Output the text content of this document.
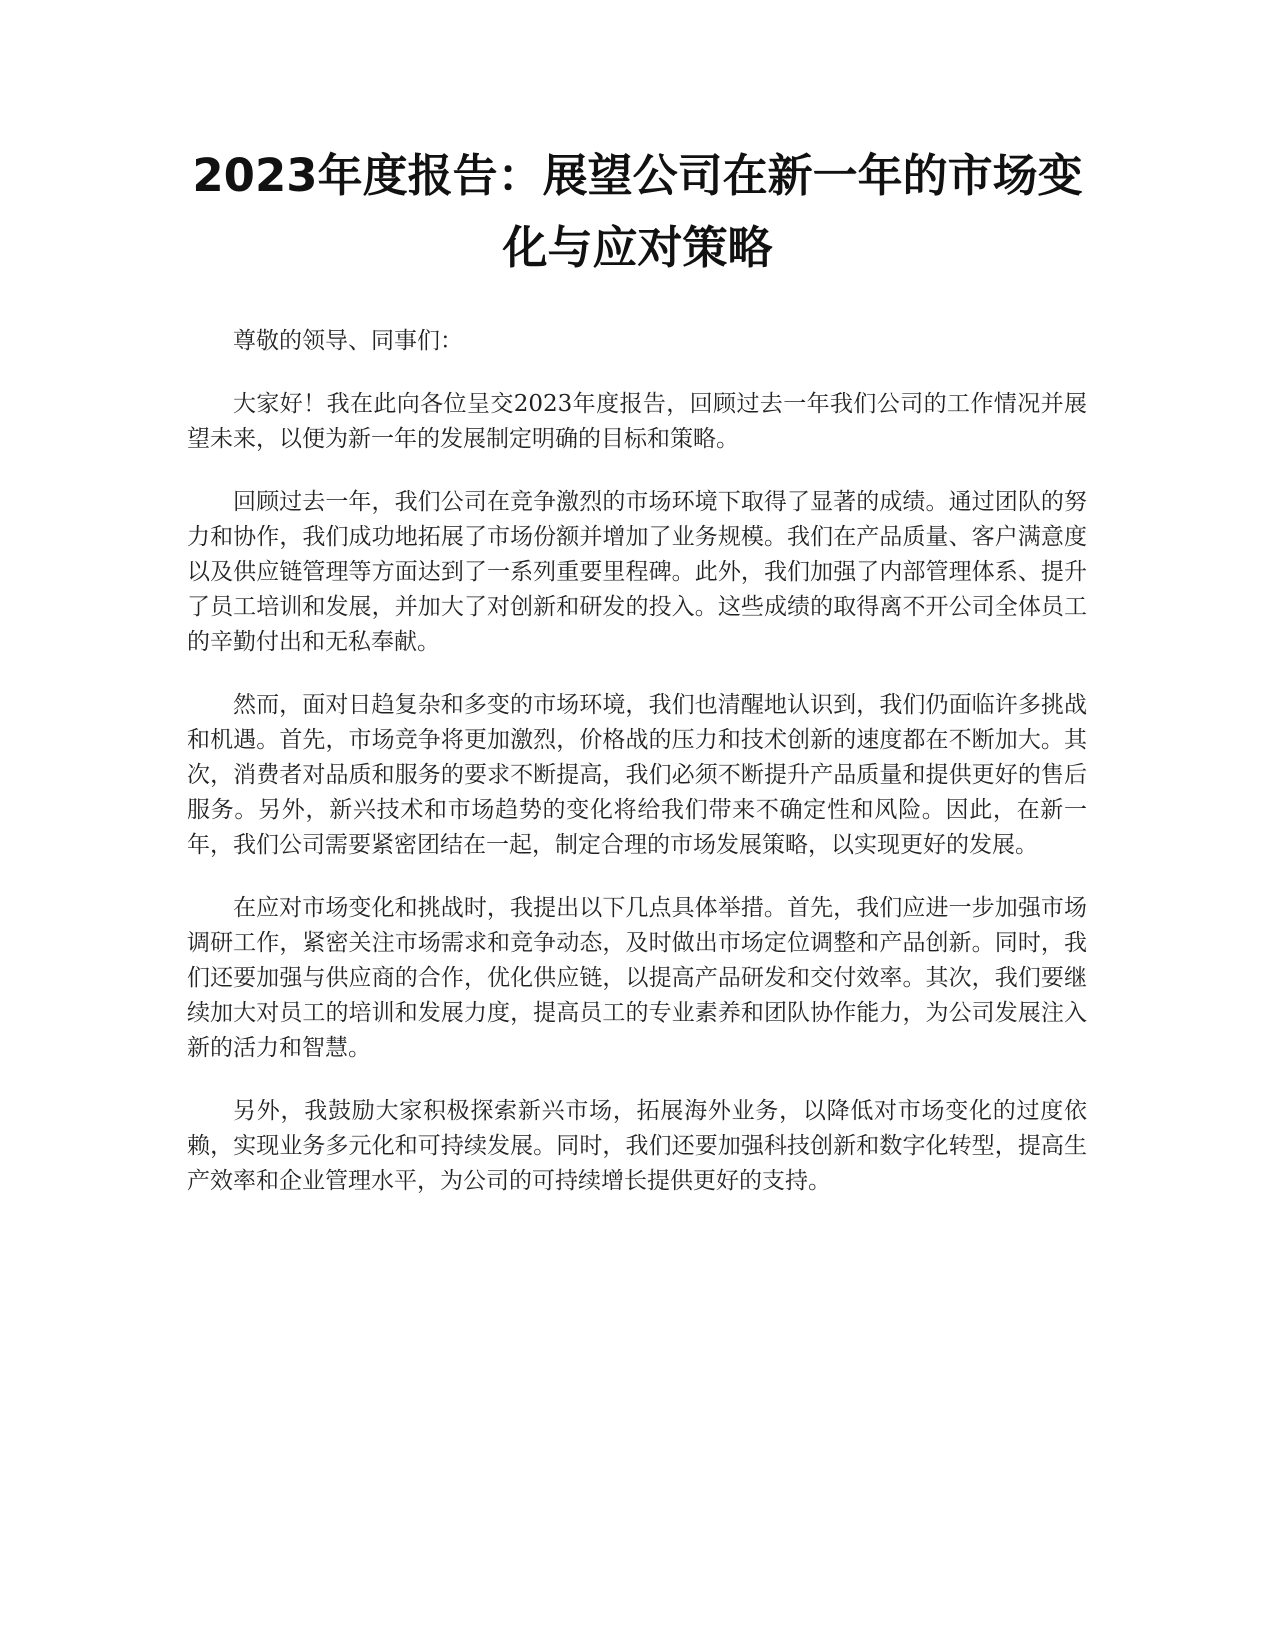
2023年度报告：展望公司在新一年的市场变化与应对策略

尊敬的领导、同事们：

大家好！我在此向各位呈交2023年度报告，回顾过去一年我们公司的工作情况并展望未来，以便为新一年的发展制定明确的目标和策略。

回顾过去一年，我们公司在竞争激烈的市场环境下取得了显著的成绩。通过团队的努力和协作，我们成功地拓展了市场份额并增加了业务规模。我们在产品质量、客户满意度以及供应链管理等方面达到了一系列重要里程碑。此外，我们加强了内部管理体系、提升了员工培训和发展，并加大了对创新和研发的投入。这些成绩的取得离不开公司全体员工的辛勤付出和无私奉献。

然而，面对日趋复杂和多变的市场环境，我们也清醒地认识到，我们仍面临许多挑战和机遇。首先，市场竞争将更加激烈，价格战的压力和技术创新的速度都在不断加大。其次，消费者对品质和服务的要求不断提高，我们必须不断提升产品质量和提供更好的售后服务。另外，新兴技术和市场趋势的变化将给我们带来不确定性和风险。因此，在新一年，我们公司需要紧密团结在一起，制定合理的市场发展策略，以实现更好的发展。

在应对市场变化和挑战时，我提出以下几点具体举措。首先，我们应进一步加强市场调研工作，紧密关注市场需求和竞争动态，及时做出市场定位调整和产品创新。同时，我们还要加强与供应商的合作，优化供应链，以提高产品研发和交付效率。其次，我们要继续加大对员工的培训和发展力度，提高员工的专业素养和团队协作能力，为公司发展注入新的活力和智慧。

另外，我鼓励大家积极探索新兴市场，拓展海外业务，以降低对市场变化的过度依赖，实现业务多元化和可持续发展。同时，我们还要加强科技创新和数字化转型，提高生产效率和企业管理水平，为公司的可持续增长提供更好的支持。
